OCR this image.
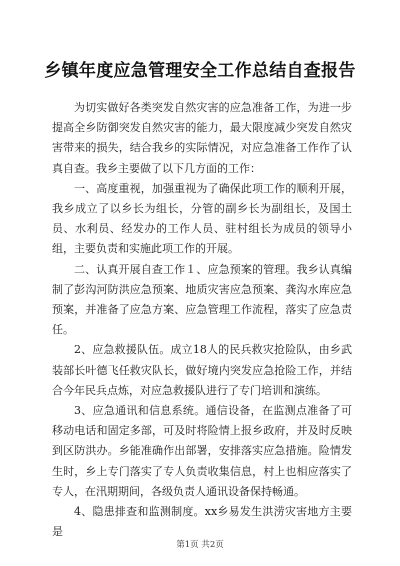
乡镇年度应急管理安全工作总结自查报告

为切实做好各类突发自然灾害的应急准备工作，为进一步提高全乡防御突发自然灾害的能力，最大限度减少突发自然灾害带来的损失，结合我乡的实际情况，对应急准备工作作了认真自查。我乡主要做了以下几方面的工作：

一、高度重视，加强重视为了确保此项工作的顺利开展，我乡成立了以乡长为组长，分管的副乡长为副组长，及国土员、水利员、经发办的工作人员、驻村组长为成员的领导小组，主要负责和实施此项工作的开展。

二、认真开展自查工作１、应急预案的管理。我乡认真编制了彭沟河防洪应急预案、地质灾害应急预案、龚沟水库应急预案，并准备了应急方案、应急管理工作流程，落实了应急责任。

2、应急救援队伍。成立18人的民兵救灾抢险队，由乡武装部长叶德飞任救灾队长，做好境内突发应急抢险工作，并结合今年民兵点炼，对应急救援队进行了专门培训和演练。

3、应急通讯和信息系统。通信设备，在监测点准备了可移动电话和固定多部，可及时将险情上报乡政府，并及时反映到区防洪办。乡能准确作出部署，安排落实应急措施。险情发生时，乡上专门落实了专人负责收集信息，村上也相应落实了专人，在汛期期间，各级负责人通讯设备保持畅通。

4、隐患排查和监测制度。xx乡易发生洪涝灾害地方主要是

第1页 共2页
